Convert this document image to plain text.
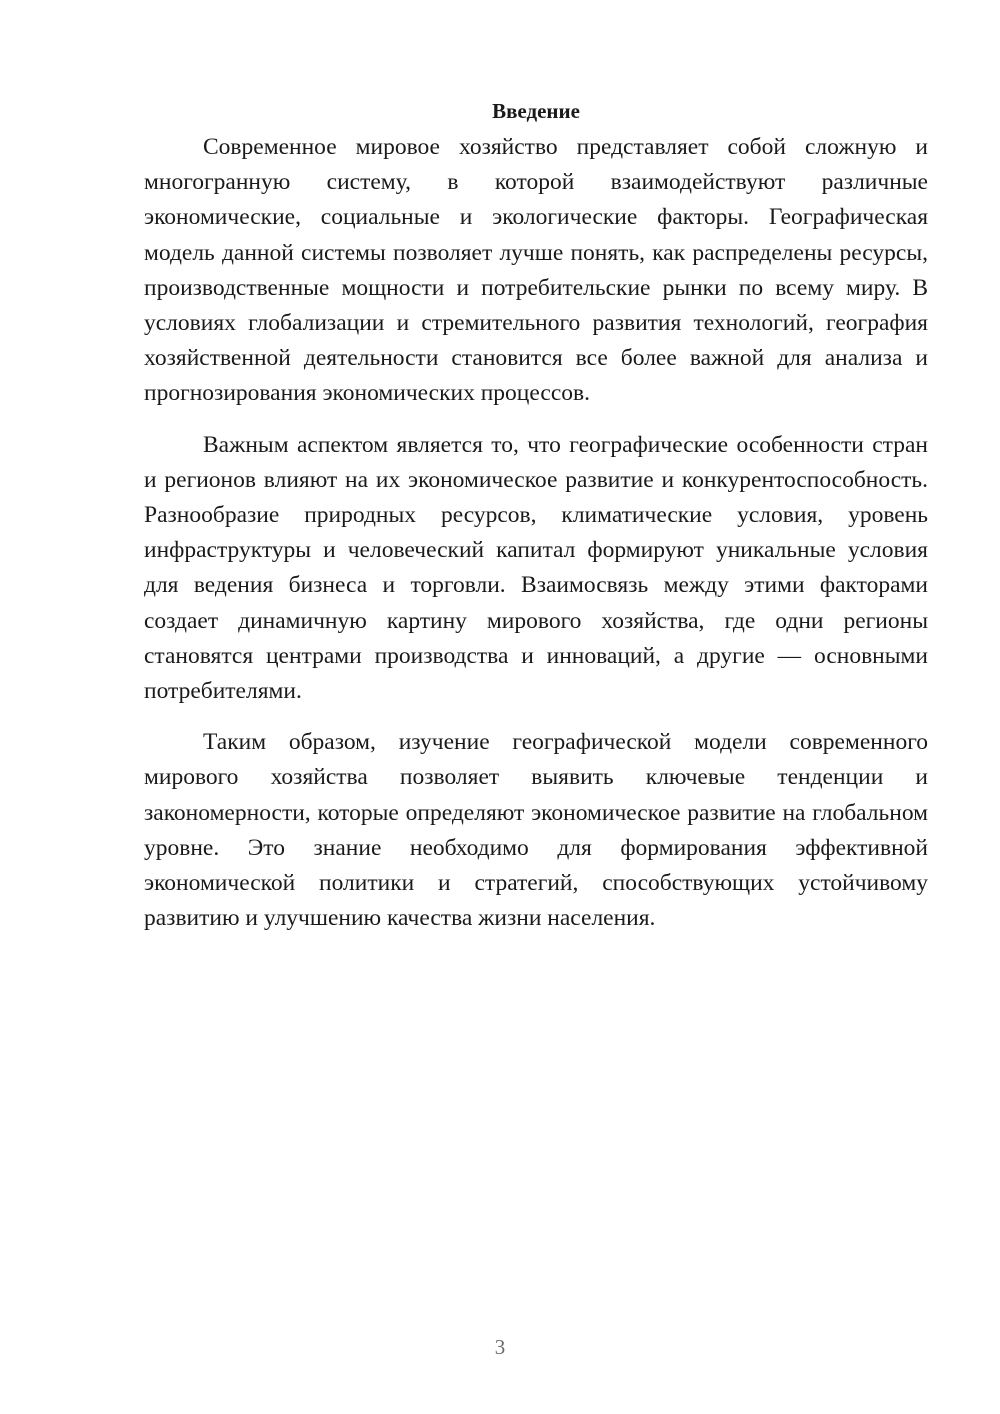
Введение

Современное мировое хозяйство представляет собой сложную и многогранную систему, в которой взаимодействуют различные экономические, социальные и экологические факторы. Географическая модель данной системы позволяет лучше понять, как распределены ресурсы, производственные мощности и потребительские рынки по всему миру. В условиях глобализации и стремительного развития технологий, география хозяйственной деятельности становится все более важной для анализа и прогнозирования экономических процессов.

Важным аспектом является то, что географические особенности стран и регионов влияют на их экономическое развитие и конкурентоспособность. Разнообразие природных ресурсов, климатические условия, уровень инфраструктуры и человеческий капитал формируют уникальные условия для ведения бизнеса и торговли. Взаимосвязь между этими факторами создает динамичную картину мирового хозяйства, где одни регионы становятся центрами производства и инноваций, а другие — основными потребителями.

Таким образом, изучение географической модели современного мирового хозяйства позволяет выявить ключевые тенденции и закономерности, которые определяют экономическое развитие на глобальном уровне. Это знание необходимо для формирования эффективной экономической политики и стратегий, способствующих устойчивому развитию и улучшению качества жизни населения.

3
